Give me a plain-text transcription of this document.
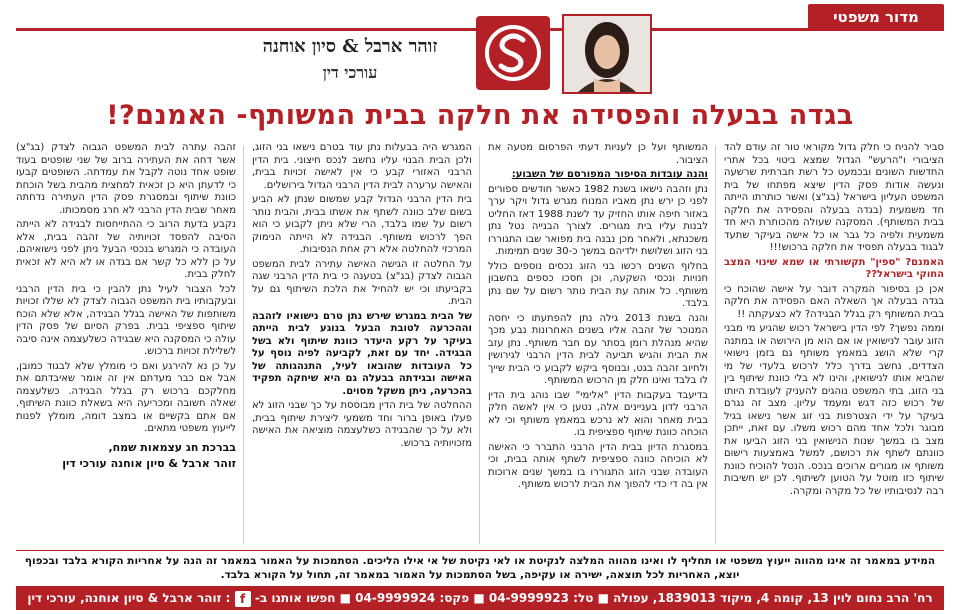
מדור משפטי
זוהר ארבל & סיון אוחנה
עורכי דין
בגדה בבעלה והפסידה את חלקה בבית המשותף- האמנם?!

סביר להניח כי חלק גדול מקוראי טור זה עודם להד הציבורי ו"הרעש" הגדול שמצא ביטוי בכל אתרי החדשות השונים ובכמעט כל רשת חברתית שרשעה ונעשה אודות פסק הדין שיצא מפתחו של בית המשפט העליון בישראל (בג"צ) ואשר כותרתו הייתה חד משמעית (בגדה בבעלה והפסידה את חלקה בבית המשותף). המסקנה שעולה מהכותרת היא חד משמעית ולפיה כל גבר או כל אישה בעיקר שתעד לבגוד בבעלה תפסיד את חלקה ברכוש!!!

האמנם? "ספין" תקשורתי או שמא שינוי המצב החוקי בישראל??

אכן כן בסיפור המקרה דובר על אישה שהוכח כי בגדה בבעלה אך השאלה האם הפסידה את חלקה בבית המשותף רק בגלל הבגידה? לא כצעקתה !!

וממה נפשך? לפי הדין בישראל רכוש שהגיע מי מבני הזוג עובר לנישואין או אם הוא מן הירושה או במתנה קרי שלא הושג במאמץ משותף גם בזמן נישואי הצדדים, נחשב בדרך כלל לרכוש בלעדי של מי שהביא אותו לנישואין, והינו לא בלי כוונת שיתוף בין בני הזוג. בתי המשפט נוהגים להעניק לעובדת היותו של רכוש כזה דגש ומעמד עליון. מצב זה נגרם בעיקר על ידי הצטרפות בני זוג אשר נישאו בגיל מבוגר ולכל אחד מהם רכוש משלו. עם זאת, ייתכן מצב בו במשך שנות הנישואין בני הזוג הביעו את כוונתם לשתף את רכושם, למשל באמצעות רישום משותף או מגורים ארוכים בנכס. הנטל להוכיח כוונת שיתוף כזו מוטל על הטוען לשיתוף. לכן יש חשיבות רבה לנסיבותיו של כל מקרה ומקרה.

המשותף ועל כן לעניות דעתי הפרסום מטעה את הציבור.

והנה עובדות הסיפור המפורסם של השבוע:

נתן וזהבה נישאו בשנת 1982 כאשר חודשים ספורים לפני כן ירש נתן מאביו המנוח מגרש גדול ויקר ערך באזור חיפה אותו החזיק עד לשנת 1988 דאז החליט לבנות עליו בית מגורים. לצורך הבנייה נטל נתן משכנתא, ולאחר מכן נבנה בית מפואר שבו התגוררו בני הזוג ושלושת ילדיהם במשך כ-30 שנים תמימות.

בחלוף השנים רכשו בני הזוג נכסים נוספים כולל חנויות ונכסי השקעה, וכן חסכו כספים בחשבון משותף. כל אותה עת הבית נותר רשום על שם נתן בלבד.

והנה בשנת 2013 גילה נתן להפתעתו כי יחסה המנוכר של זהבה אליו בשנים האחרונות נבע מכך שהיא מנהלת רומן בסתר עם חבר משותף. נתן עזב את הבית והגיש תביעה לבית הדין הרבני לגירושין ולחיוב זהבה בגט, ובנוסף ביקש לקבוע כי הבית שייך לו בלבד ואינו חלק מן הרכוש המשותף.

בדיעבד בעקבות הדין "אלימי" שבו נוהג בית הדין הרבני לדון בעניינים אלה, נטען כי אין לאשה חלק בבית מאחר והוא לא נרכש במאמץ משותף וכי לא הוכחה כוונת שיתוף ספציפית בו.

במסגרת הדיון בבית הדין הרבני התברר כי האישה לא הוכיחה כוונה ספציפית לשתף אותה בבית, וכי העובדה שבני הזוג התגוררו בו במשך שנים ארוכות אין בה די כדי להפוך את הבית לרכוש משותף.

המגרש היה בבעלות נתן עוד בטרם נישאו בני הזוג, ולכן הבית הבנוי עליו נחשב לנכס חיצוני. בית הדין הרבני האזורי קבע כי אין לאישה זכויות בבית, והאישה ערערה לבית הדין הרבני הגדול בירושלים.

בית הדין הרבני הגדול קבע שמשום שנתן לא הביע בשום שלב כוונה לשתף את אשתו בבית, והבית נותר רשום על שמו בלבד, הרי שלא ניתן לקבוע כי הוא הפך לרכוש משותף. הבגידה לא הייתה הנימוק המרכזי להחלטה אלא רק אחת הנסיבות.

על החלטה זו הגישה האישה עתירה לבית המשפט הגבוה לצדק (בג"צ) בטענה כי בית הדין הרבני שגה בקביעתו וכי יש להחיל את הלכת השיתוף גם על הבית.

של הבית במגרש שירש נתן טרם נישואיו לזהבה וההכרעה לטובת הבעל בנוגע לבית הייתה בעיקר על רקע היעדר כוונת שיתוף ולא בשל הבגידה. יחד עם זאת, לקביעה לפיה נוסף על כל העובדות שהובאו לעיל, התנהגותה של האישה ובגידתה בבעלה גם היא שיחקה תפקיד בהכרעה, ניתן משקל מסוים.

ההחלטה של בית הדין מבוססת על כך שבני הזוג לא פעלו באופן ברור וחד משמעי ליצירת שיתוף בבית, ולא על כך שהבגידה כשלעצמה מוציאה את האישה מזכויותיה ברכוש.

זהבה עתרה לבית המשפט הגבוה לצדק (בג"צ) אשר דחה את העתירה ברוב של שני שופטים בעוד שופט אחד נוטה לקבל את עמדתה. השופטים קבעו כי לדעתן היא כן זכאית למחצית מהבית בשל הוכחת כוונת שיתוף ובמסגרת פסק הדין העתירה נדחתה מאחר שבית הדין הרבני לא חרג מסמכותו.

נקבע בדעת הרוב כי ההתייחסות לבגידה לא הייתה הסיבה להפסד זכויותיה של זהבה בבית, אלא העובדה כי המגרש בנכסי הבעל ניתן לפני נישואיהם. על כן ללא כל קשר אם בגדה או לא היא לא זכאית לחלק בבית.

לכל הצבור לעיל נתן להבין כי בית הדין הרבני ובעקבותיו בית המשפט הגבוה לצדק לא שללו זכויות משותפות של האישה בגלל הבגידה, אלא שלא הוכח שיתוף ספציפי בבית. בפרק הסיום של פסק הדין עולה כי המסקנה היא שבגידה כשלעצמה אינה סיבה לשלילת זכויות ברכוש.

על כן נא להירגע ואם כי מומלץ שלא לבגוד כמובן, אבל אם כבר מעדתם אין זה אומר שאיבדתם את מחלקכם ברכוש רק בגלל הבגידה. כשלעצמה שאלה חשובה ומכריעה היא בשאלת כוונת השיתוף. אם אתם בקשיים או במצב דומה, מומלץ לפנות לייעוץ משפטי מתאים.

בברכת חג עצמאות שמח,
זוהר ארבל & סיון אוחנה עורכי דין
המידע במאמר זה אינו מהווה ייעוץ משפטי או תחליף לו ואינו מהווה המלצה לנקיטת או לאי נקיטת של אי אילו הליכים. הסתמכות על האמור במאמר זה הנה על אחריות הקורא בלבד ובכפוף יוצא, האחריות לכל תוצאה, ישירה או עקיפה, בשל הסתמכות על האמור במאמר זה, תחול על הקורא בלבד.
רח' הרב נחום לוין 13, קומה 4, מיקוד 1839013, עפולה ■ טל: 04-9999923 ■ פקס: 04-9999924 ■ חפשו אותנו ב- f : זוהר ארבל & סיון אוחנה, עורכי דין
